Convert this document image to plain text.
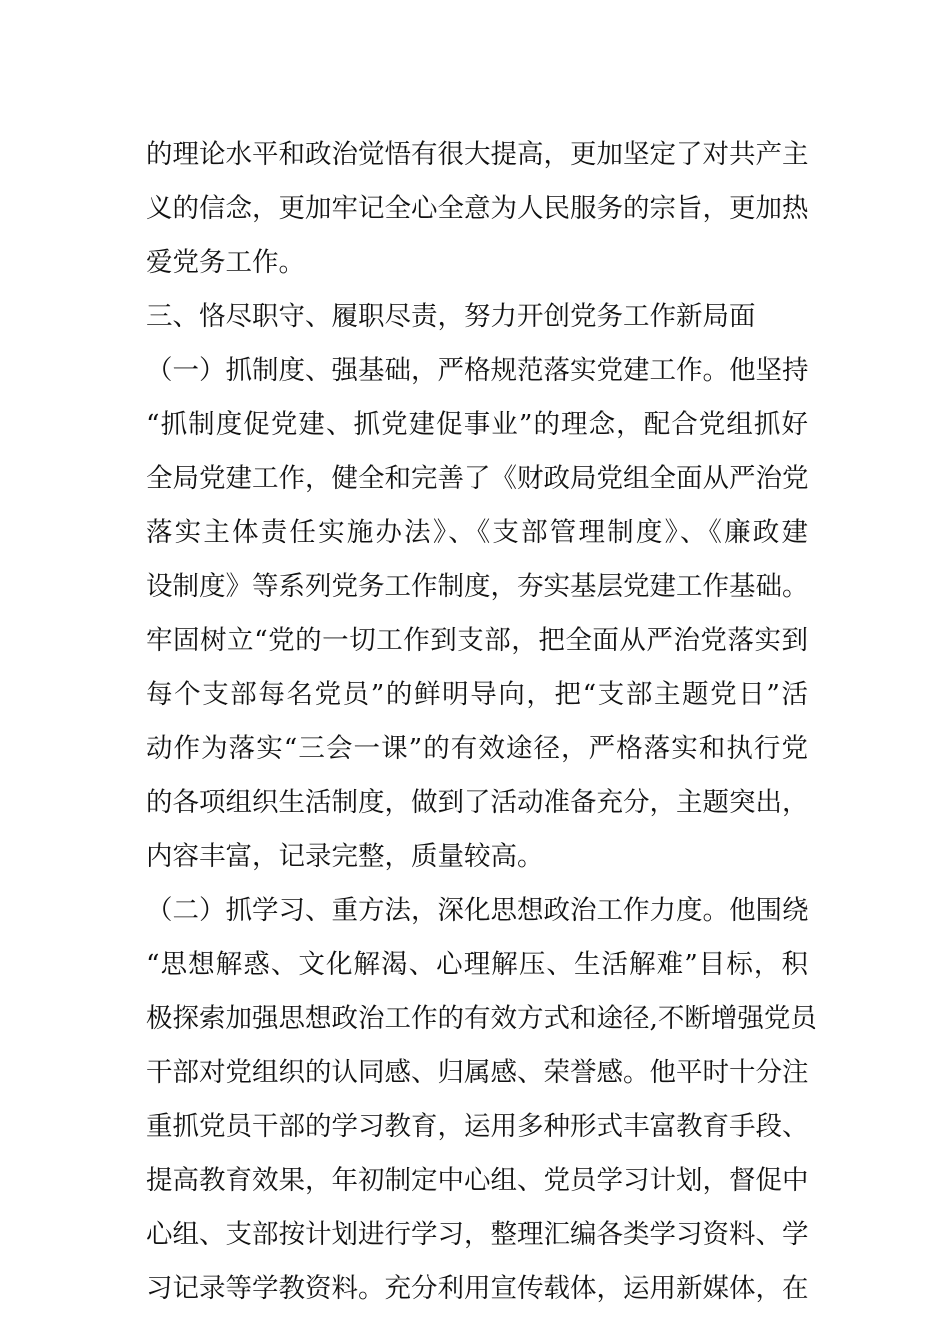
的理论水平和政治觉悟有很大提高，更加坚定了对共产主
义的信念，更加牢记全心全意为人民服务的宗旨，更加热
爱党务工作。
三、恪尽职守、履职尽责，努力开创党务工作新局面
（一）抓制度、强基础，严格规范落实党建工作。他坚持
“抓制度促党建、抓党建促事业”的理念，配合党组抓好
全局党建工作，健全和完善了《财政局党组全面从严治党
落实主体责任实施办法》、《支部管理制度》、《廉政建
设制度》等系列党务工作制度，夯实基层党建工作基础。
牢固树立“党的一切工作到支部，把全面从严治党落实到
每个支部每名党员”的鲜明导向，把“支部主题党日”活
动作为落实“三会一课”的有效途径，严格落实和执行党
的各项组织生活制度，做到了活动准备充分，主题突出，
内容丰富，记录完整，质量较高。
（二）抓学习、重方法，深化思想政治工作力度。他围绕
“思想解惑、文化解渴、心理解压、生活解难”目标，积
极探索加强思想政治工作的有效方式和途径,不断增强党员
干部对党组织的认同感、归属感、荣誉感。他平时十分注
重抓党员干部的学习教育，运用多种形式丰富教育手段、
提高教育效果，年初制定中心组、党员学习计划，督促中
心组、支部按计划进行学习，整理汇编各类学习资料、学
习记录等学教资料。充分利用宣传载体，运用新媒体，在
